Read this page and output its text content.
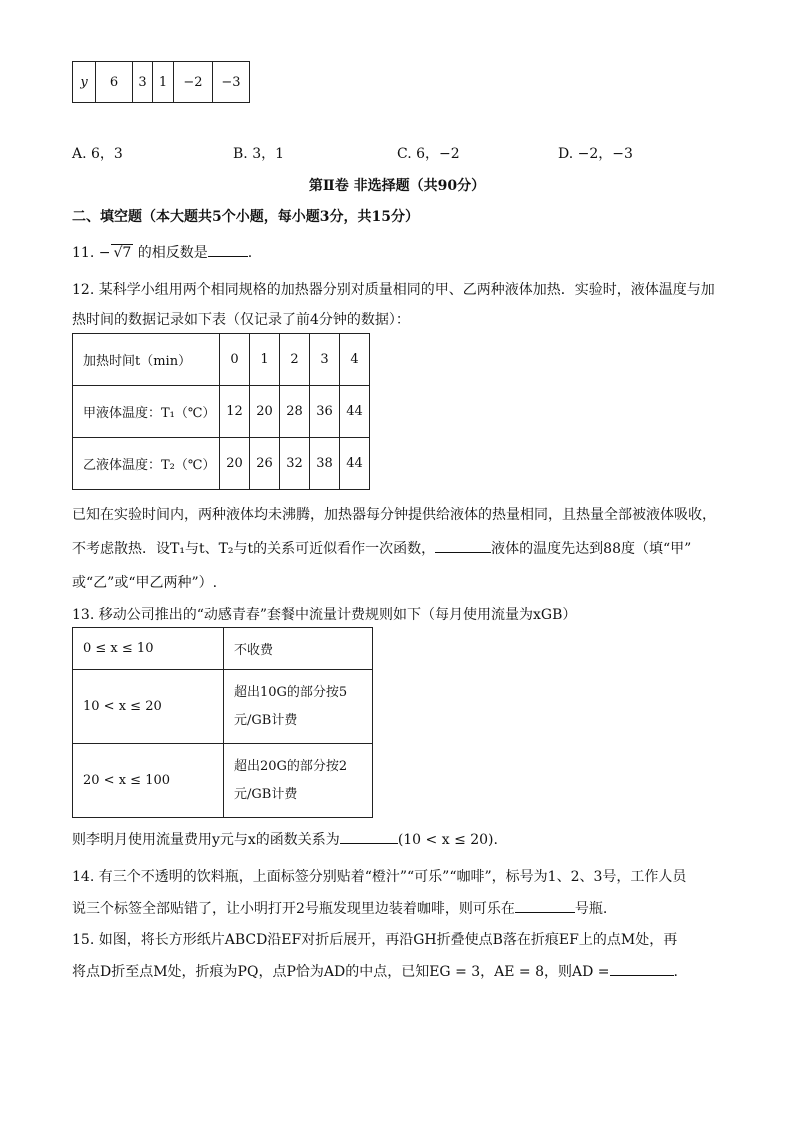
y	6	3	1	−2	−3
A. 6，3	B. 3，1	C. 6，−2	D. −2，−3
第Ⅱ卷 非选择题（共90分）
二、填空题（本大题共5个小题，每小题3分，共15分）
11. − √7 的相反数是	.
12. 某科学小组用两个相同规格的加热器分别对质量相同的甲、乙两种液体加热．实验时，液体温度与加
热时间的数据记录如下表（仅记录了前4分钟的数据）：
加热时间t（min）	0	1	2	3	4
甲液体温度：T₁（℃）	12	20	28	36	44
乙液体温度：T₂（℃）	20	26	32	38	44
已知在实验时间内，两种液体均未沸腾，加热器每分钟提供给液体的热量相同，且热量全部被液体吸收，
不考虑散热．设T₁与t、T₂与t的关系可近似看作一次函数，	液体的温度先达到88度（填“甲”
或“乙”或“甲乙两种”）.
13. 移动公司推出的“动感青春”套餐中流量计费规则如下（每月使用流量为xGB）
0 ≤ x ≤ 10	不收费

10 < x ≤ 20	超出10G的部分按5
元/GB计费

20 < x ≤ 100	超出20G的部分按2
元/GB计费
则李明月使用流量费用y元与x的函数关系为	(10 < x ≤ 20).
14. 有三个不透明的饮料瓶，上面标签分别贴着“橙汁”“可乐”“咖啡”，标号为1、2、3号，工作人员
说三个标签全部贴错了，让小明打开2号瓶发现里边装着咖啡，则可乐在	号瓶.
15. 如图，将长方形纸片ABCD沿EF对折后展开，再沿GH折叠使点B落在折痕EF上的点M处，再
将点D折至点M处，折痕为PQ，点P恰为AD的中点，已知EG = 3，AE = 8，则AD =	.
